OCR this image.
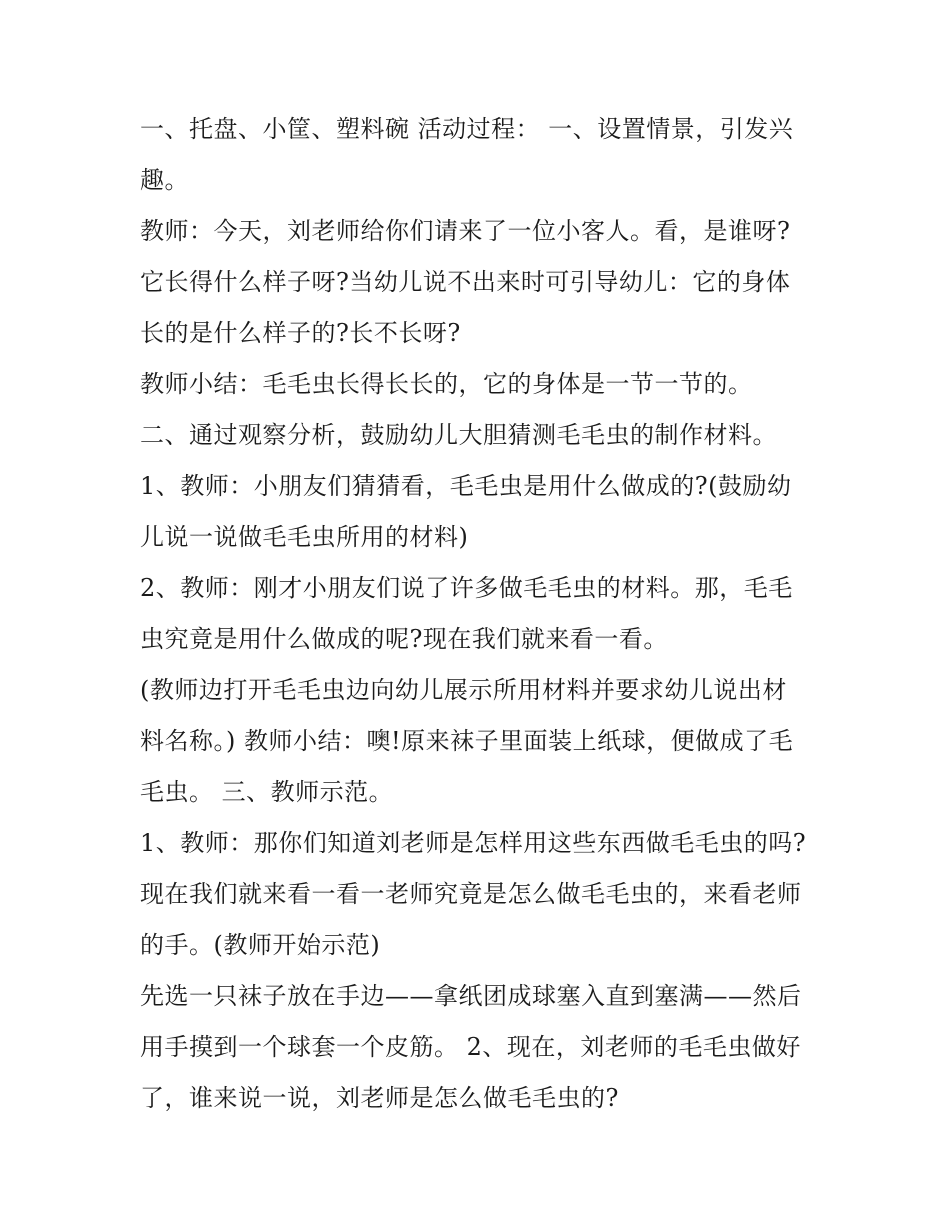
一、托盘、小筐、塑料碗 活动过程： 一、设置情景，引发兴趣。

教师：今天，刘老师给你们请来了一位小客人。看，是谁呀?它长得什么样子呀?当幼儿说不出来时可引导幼儿：它的身体长的是什么样子的?长不长呀?

教师小结：毛毛虫长得长长的，它的身体是一节一节的。

二、通过观察分析，鼓励幼儿大胆猜测毛毛虫的制作材料。

1、教师：小朋友们猜猜看，毛毛虫是用什么做成的?(鼓励幼儿说一说做毛毛虫所用的材料)

2、教师：刚才小朋友们说了许多做毛毛虫的材料。那，毛毛虫究竟是用什么做成的呢?现在我们就来看一看。

(教师边打开毛毛虫边向幼儿展示所用材料并要求幼儿说出材料名称。) 教师小结：噢!原来袜子里面装上纸球，便做成了毛毛虫。 三、教师示范。

1、教师：那你们知道刘老师是怎样用这些东西做毛毛虫的吗?现在我们就来看一看一老师究竟是怎么做毛毛虫的，来看老师的手。(教师开始示范)

先选一只袜子放在手边——拿纸团成球塞入直到塞满——然后用手摸到一个球套一个皮筋。 2、现在，刘老师的毛毛虫做好了，谁来说一说，刘老师是怎么做毛毛虫的?
